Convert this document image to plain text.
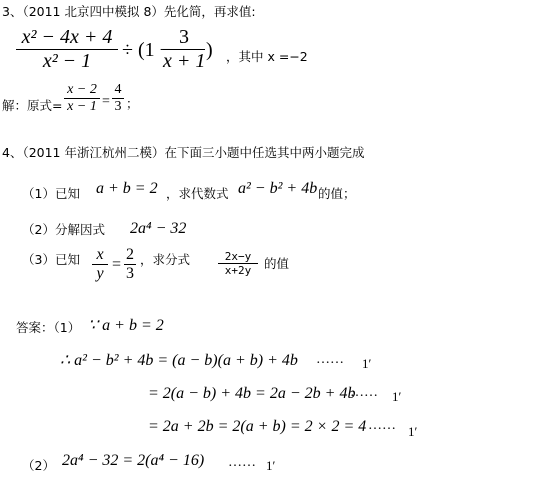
3、（2011 北京四中模拟 8）先化简，再求值:
x² − 4x + 4
x² − 1	÷ (1 −
3
x + 1 ) ，其中 x =−2
解：原式=
x − 2
x − 1 =
4
3 ；
4、（2011 年浙江杭州二模）在下面三小题中任选其中两小题完成
（1）已知 a + b = 2 ，求代数式 a² − b² + 4b 的值；
（2）分解因式 2a⁴ − 32
（3）已知 x
y
=
2
3
，求分式	2x−y
x+2y	的值
答案：（1） ∵ a + b = 2
∴ a² − b² + 4b = (a − b)(a + b) + 4b …… 1′
= 2(a − b) + 4b = 2a − 2b + 4b
…… 1′
= 2a + 2b = 2(a + b) = 2 × 2 = 4 …… 1′
（2） 2a⁴ − 32 = 2(a⁴ − 16) …… 1′
